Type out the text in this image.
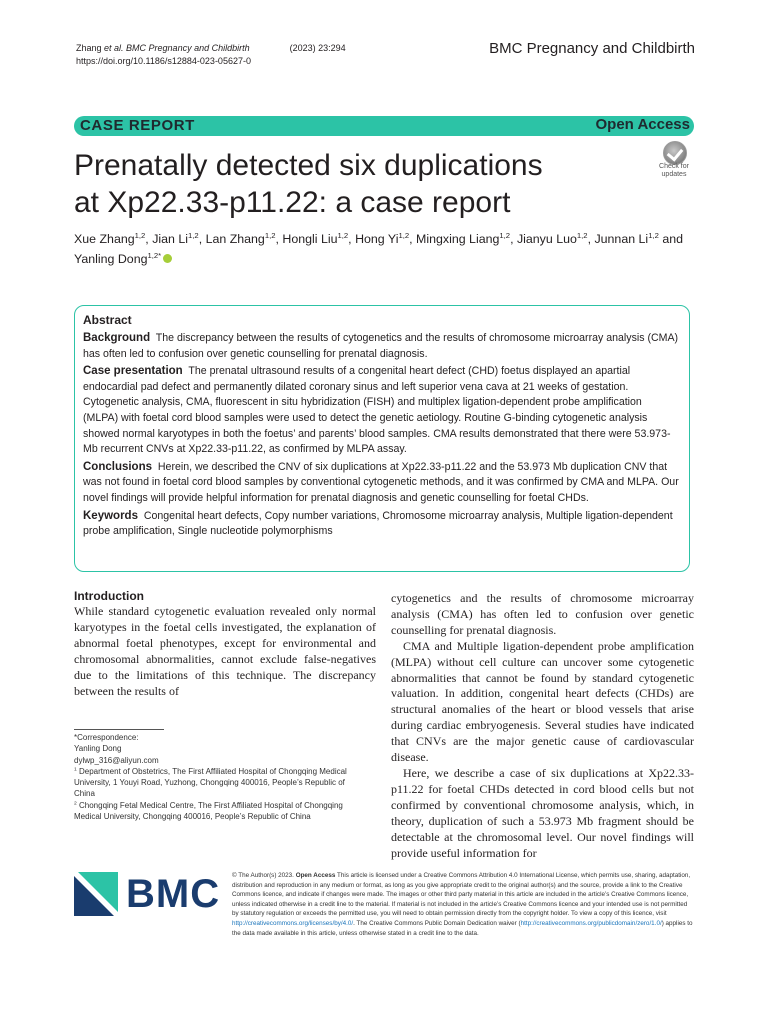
Zhang et al. BMC Pregnancy and Childbirth	(2023) 23:294
https://doi.org/10.1186/s12884-023-05627-0
BMC Pregnancy and Childbirth
CASE REPORT	Open Access
Prenatally detected six duplications
at Xp22.33-p11.22: a case report
Check for
updates
Xue Zhang$^{1,2}$, Jian Li$^{1,2}$, Lan Zhang$^{1,2}$, Hongli Liu$^{1,2}$, Hong Yi$^{1,2}$, Mingxing Liang$^{1,2}$, Jianyu Luo$^{1,2}$, Junnan Li$^{1,2}$ and
Yanling Dong$^{1,2*}$

Abstract

Background The discrepancy between the results of cytogenetics and the results of chromosome microarray analysis (CMA) has often led to confusion over genetic counselling for prenatal diagnosis.

Case presentation The prenatal ultrasound results of a congenital heart defect (CHD) foetus displayed an apartial endocardial pad defect and permanently dilated coronary sinus and left superior vena cava at 21 weeks of gestation. Cytogenetic analysis, CMA, fluorescent in situ hybridization (FISH) and multiplex ligation-dependent probe amplification (MLPA) with foetal cord blood samples were used to detect the genetic aetiology. Routine G-binding cytogenetic analysis showed normal karyotypes in both the foetus’ and parents’ blood samples. CMA results demonstrated that there were 53.973-Mb recurrent CNVs at Xp22.33-p11.22, as confirmed by MLPA assay.

Conclusions Herein, we described the CNV of six duplications at Xp22.33-p11.22 and the 53.973 Mb duplication CNV that was not found in foetal cord blood samples by conventional cytogenetic methods, and it was confirmed by CMA and MLPA. Our novel findings will provide helpful information for prenatal diagnosis and genetic counselling for foetal CHDs.

Keywords Congenital heart defects, Copy number variations, Chromosome microarray analysis, Multiple ligation-dependent probe amplification, Single nucleotide polymorphisms

Introduction

While standard cytogenetic evaluation revealed only normal karyotypes in the foetal cells investigated, the explanation of abnormal foetal phenotypes, except for environmental and chromosomal abnormalities, cannot exclude false-negatives due to the limitations of this technique. The discrepancy between the results of

*Correspondence:

Yanling Dong

dylwp_316@aliyun.com

$^1$ Department of Obstetrics, The First Affiliated Hospital of Chongqing Medical University, 1 Youyi Road, Yuzhong, Chongqing 400016, People’s Republic of China

$^2$ Chongqing Fetal Medical Centre, The First Affiliated Hospital of Chongqing Medical University, Chongqing 400016, People’s Republic of China

cytogenetics and the results of chromosome microarray analysis (CMA) has often led to confusion over genetic counselling for prenatal diagnosis.

CMA and Multiple ligation-dependent probe amplification (MLPA) without cell culture can uncover some cytogenetic abnormalities that cannot be found by standard cytogenetic valuation. In addition, congenital heart defects (CHDs) are structural anomalies of the heart or blood vessels that arise during cardiac embryogenesis. Several studies have indicated that CNVs are the major genetic cause of cardiovascular disease.

Here, we describe a case of six duplications at Xp22.33-p11.22 for foetal CHDs detected in cord blood cells but not confirmed by conventional chromosome analysis, which, in theory, duplication of such a 53.973 Mb fragment should be detectable at the chromosomal level. Our novel findings will provide useful information for

BMC © The Author(s) 2023. Open Access This article is licensed under a Creative Commons Attribution 4.0 International License, which permits use, sharing, adaptation, distribution and reproduction in any medium or format, as long as you give appropriate credit to the original author(s) and the source, provide a link to the Creative Commons licence, and indicate if changes were made. The images or other third party material in this article are included in the article’s Creative Commons licence, unless indicated otherwise in a credit line to the material. If material is not included in the article’s Creative Commons licence and your intended use is not permitted by statutory regulation or exceeds the permitted use, you will need to obtain permission directly from the copyright holder. To view a copy of this licence, visit http://creativecommons.org/licenses/by/4.0/. The Creative Commons Public Domain Dedication waiver (http://creativecommons.org/publicdomain/zero/1.0/) applies to the data made available in this article, unless otherwise stated in a credit line to the data.
